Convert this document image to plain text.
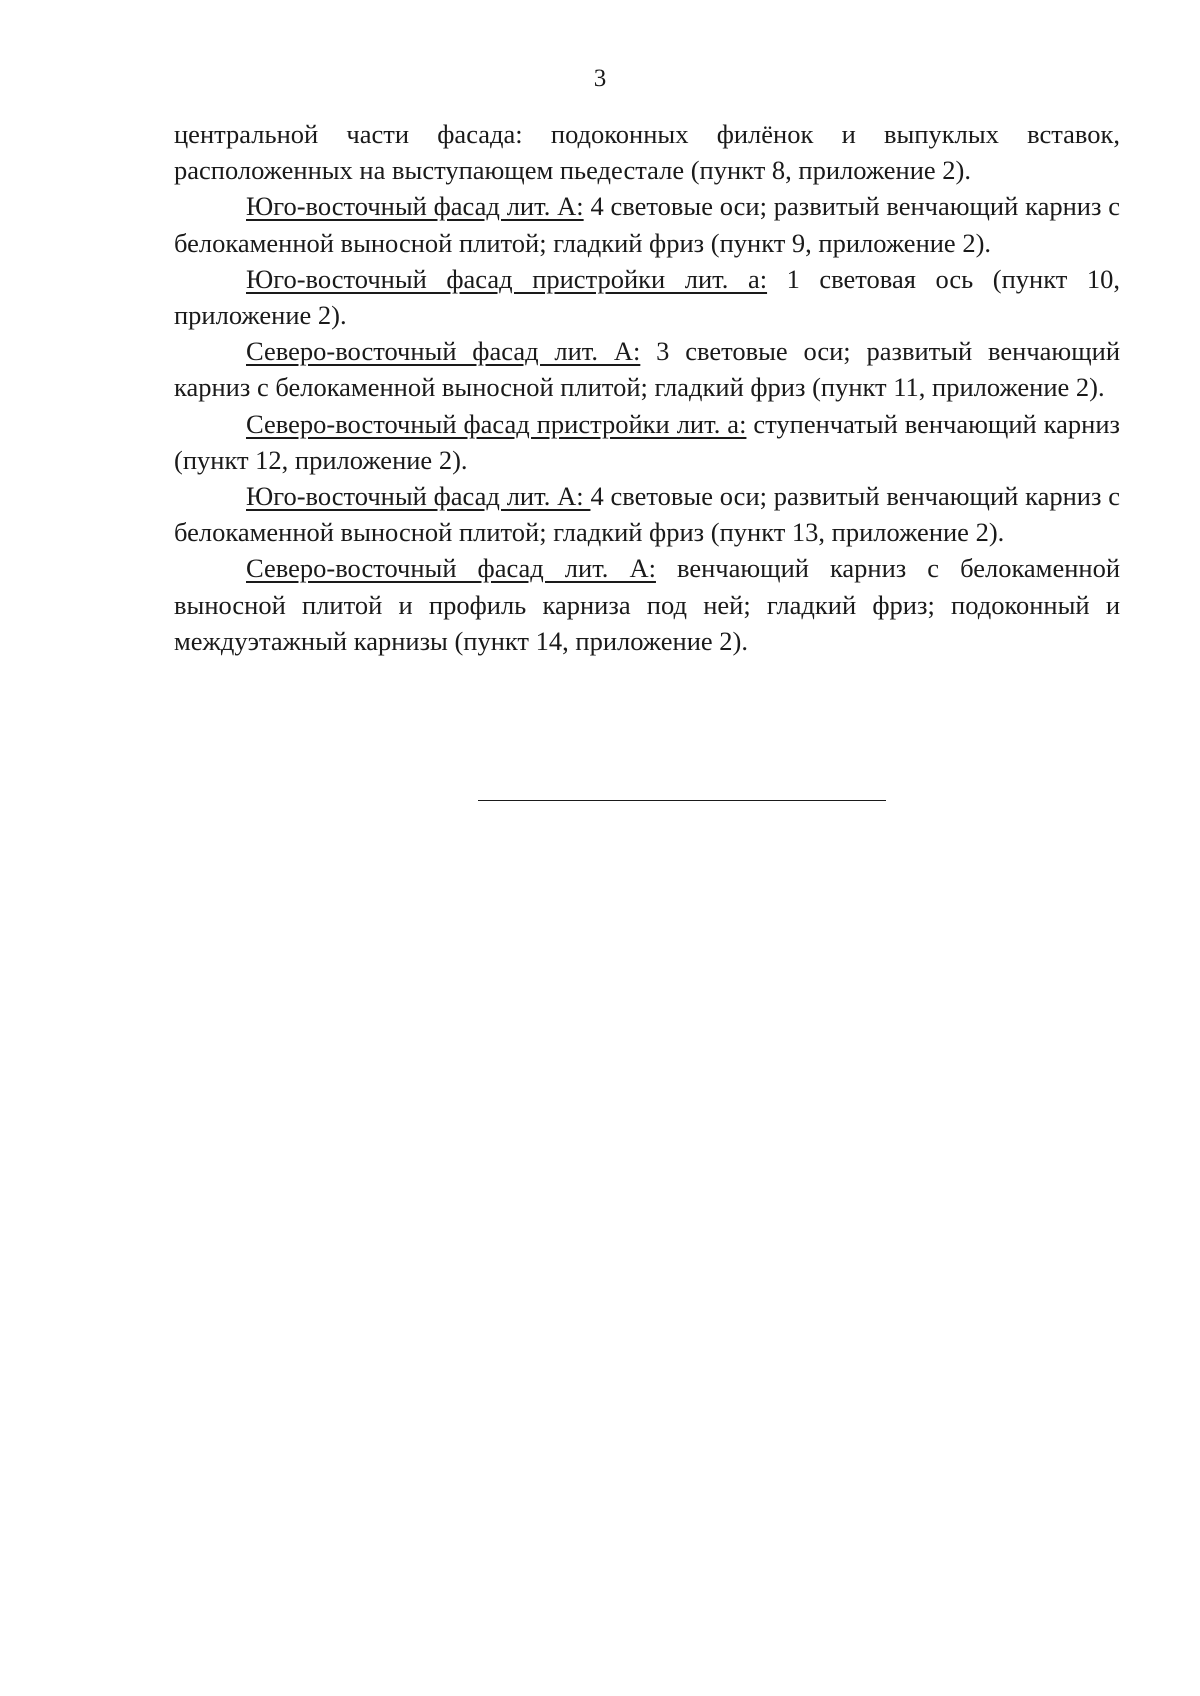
3

центральной части фасада: подоконных филёнок и выпуклых вставок, расположенных на выступающем пьедестале (пункт 8, приложение 2).

Юго-восточный фасад лит. А: 4 световые оси; развитый венчающий карниз с белокаменной выносной плитой; гладкий фриз (пункт 9, приложение 2).

Юго-восточный фасад пристройки лит. а: 1 световая ось (пункт 10, приложение 2).

Северо-восточный фасад лит. А: 3 световые оси; развитый венчающий карниз с белокаменной выносной плитой; гладкий фриз (пункт 11, приложение 2).

Северо-восточный фасад пристройки лит. а: ступенчатый венчающий карниз (пункт 12, приложение 2).

Юго-восточный фасад лит. А: 4 световые оси; развитый венчающий карниз с белокаменной выносной плитой; гладкий фриз (пункт 13, приложение 2).

Северо-восточный фасад лит. А: венчающий карниз с белокаменной выносной плитой и профиль карниза под ней; гладкий фриз; подоконный и междуэтажный карнизы (пункт 14, приложение 2).
